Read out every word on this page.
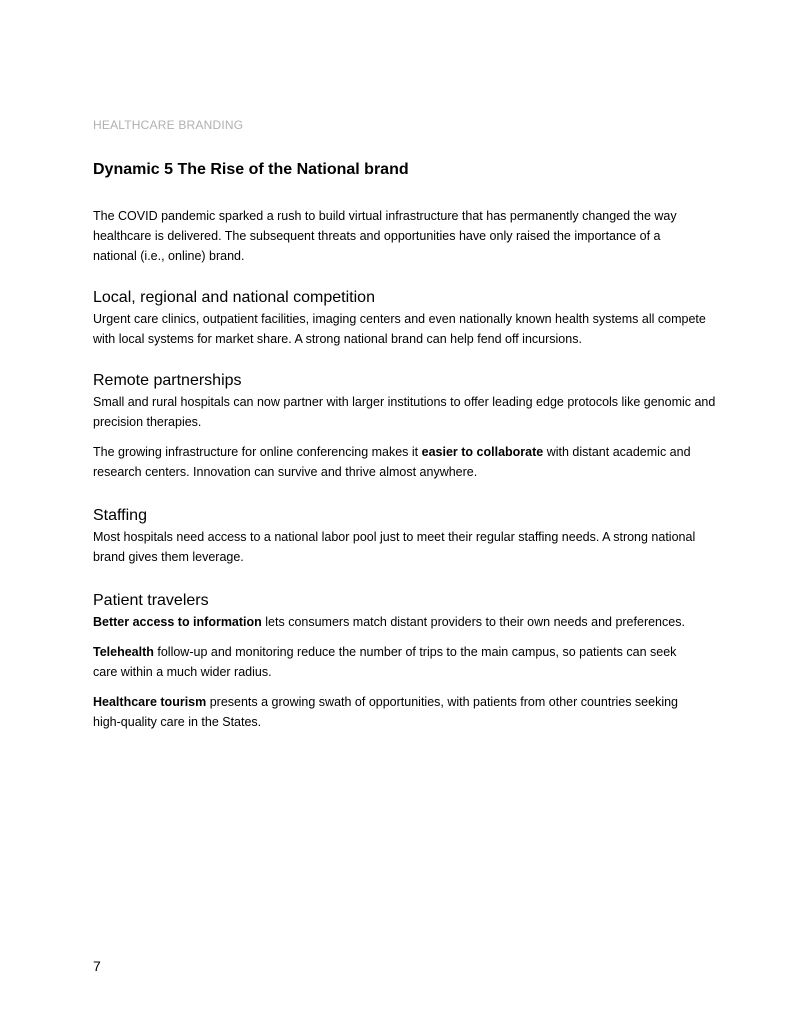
HEALTHCARE BRANDING
Dynamic 5 The Rise of the National brand

The COVID pandemic sparked a rush to build virtual infrastructure that has permanently changed the way healthcare is delivered. The subsequent threats and opportunities have only raised the importance of a national (i.e., online) brand.

Local, regional and national competition

Urgent care clinics, outpatient facilities, imaging centers and even nationally known health systems all compete with local systems for market share. A strong national brand can help fend off incursions.

Remote partnerships

Small and rural hospitals can now partner with larger institutions to offer leading edge protocols like genomic and precision therapies.

The growing infrastructure for online conferencing makes it easier to collaborate with distant academic and research centers. Innovation can survive and thrive almost anywhere.

Staffing

Most hospitals need access to a national labor pool just to meet their regular staffing needs. A strong national brand gives them leverage.

Patient travelers

Better access to information lets consumers match distant providers to their own needs and preferences.

Telehealth follow-up and monitoring reduce the number of trips to the main campus, so patients can seek care within a much wider radius.

Healthcare tourism presents a growing swath of opportunities, with patients from other countries seeking high-quality care in the States.

7
